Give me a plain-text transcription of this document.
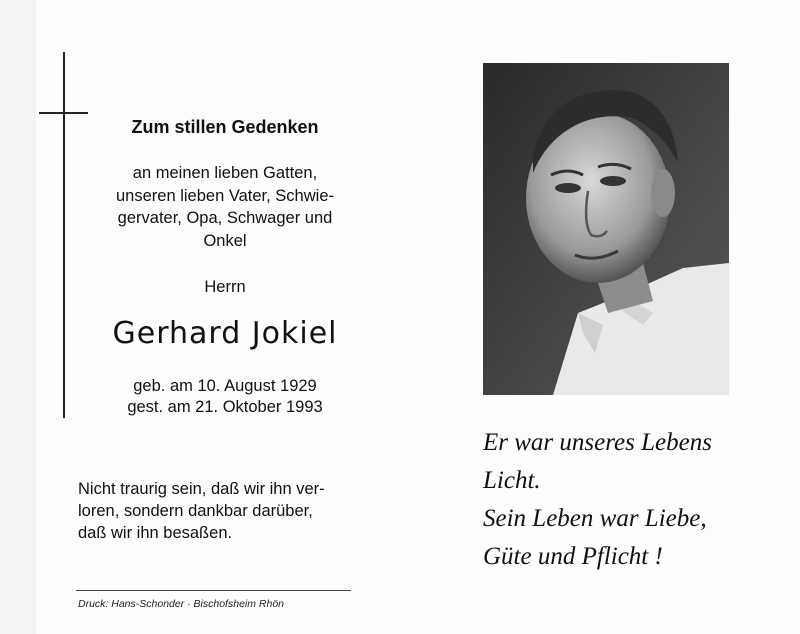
Zum stillen Gedenken
an meinen lieben Gatten,
unseren lieben Vater, Schwie-
gervater, Opa, Schwager und
Onkel
Herrn
Gerhard Jokiel
geb. am 10. August 1929
gest. am 21. Oktober 1993
Nicht traurig sein, daß wir ihn ver-
loren, sondern dankbar darüber,
daß wir ihn besaßen.
Druck: Hans-Schonder · Bischofsheim Rhön
Er war unseres Lebens
Licht.
Sein Leben war Liebe,
Güte und Pflicht !
